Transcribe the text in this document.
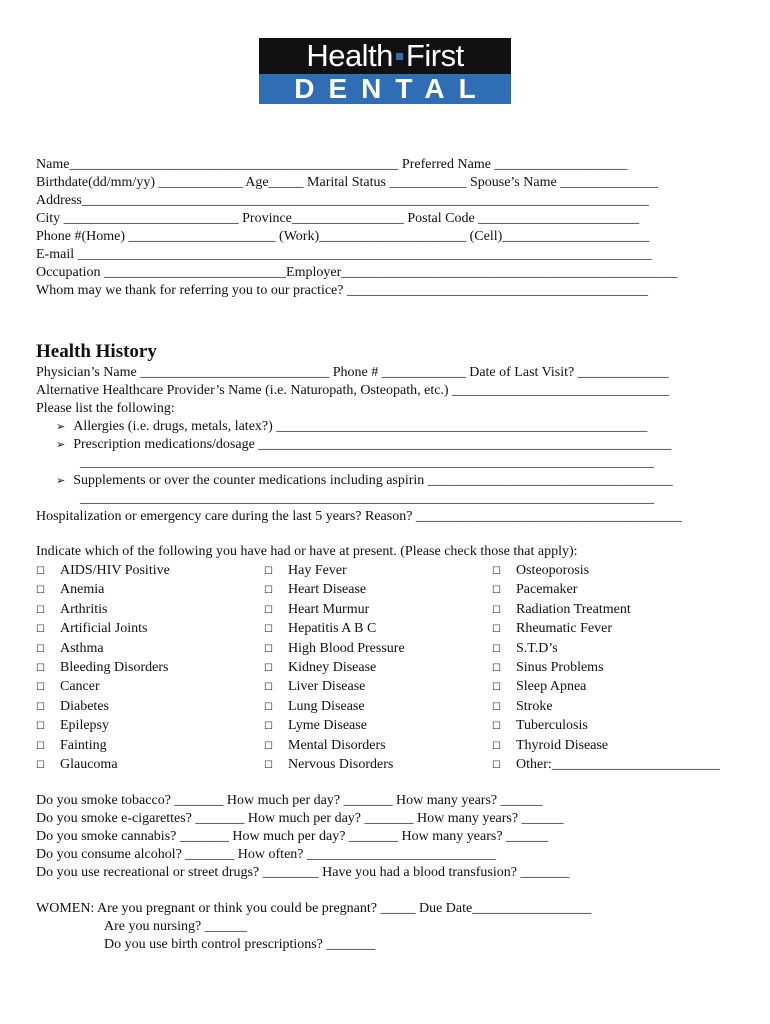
Health First
DENTAL
Name_______________________________________________ Preferred Name ___________________
Birthdate(dd/mm/yy) ____________ Age_____ Marital Status ___________ Spouse’s Name ______________
Address_________________________________________________________________________________
City _________________________ Province________________ Postal Code _______________________
Phone #(Home) _____________________ (Work)_____________________ (Cell)_____________________
E-mail __________________________________________________________________________________
Occupation __________________________Employer________________________________________________
Whom may we thank for referring you to our practice? ___________________________________________
Health History
Physician’s Name ___________________________ Phone # ____________ Date of Last Visit? _____________
Alternative Healthcare Provider’s Name (i.e. Naturopath, Osteopath, etc.) _______________________________
Please list the following:
➢ Allergies (i.e. drugs, metals, latex?) _____________________________________________________
➢ Prescription medications/dosage ___________________________________________________________
__________________________________________________________________________________
➢ Supplements or over the counter medications including aspirin ___________________________________
__________________________________________________________________________________
Hospitalization or emergency care during the last 5 years? Reason? ______________________________________
Indicate which of the following you have had or have at present. (Please check those that apply):
☐ AIDS/HIV Positive
☐ Anemia
☐ Arthritis
☐ Artificial Joints
☐ Asthma
☐ Bleeding Disorders
☐ Cancer
☐ Diabetes
☐ Epilepsy
☐ Fainting
☐ Glaucoma
☐ Hay Fever
☐ Heart Disease
☐ Heart Murmur
☐ Hepatitis A B C
☐ High Blood Pressure
☐ Kidney Disease
☐ Liver Disease
☐ Lung Disease
☐ Lyme Disease
☐ Mental Disorders
☐ Nervous Disorders
☐ Osteoporosis
☐ Pacemaker
☐ Radiation Treatment
☐ Rheumatic Fever
☐ S.T.D’s
☐ Sinus Problems
☐ Sleep Apnea
☐ Stroke
☐ Tuberculosis
☐ Thyroid Disease
☐ Other:________________________
Do you smoke tobacco? _______ How much per day? _______ How many years? ______
Do you smoke e-cigarettes? _______ How much per day? _______ How many years? ______
Do you smoke cannabis? _______ How much per day? _______ How many years? ______
Do you consume alcohol? _______ How often? ___________________________
Do you use recreational or street drugs? ________ Have you had a blood transfusion? _______
WOMEN: Are you pregnant or think you could be pregnant? _____ Due Date_________________
Are you nursing? ______
Do you use birth control prescriptions? _______
